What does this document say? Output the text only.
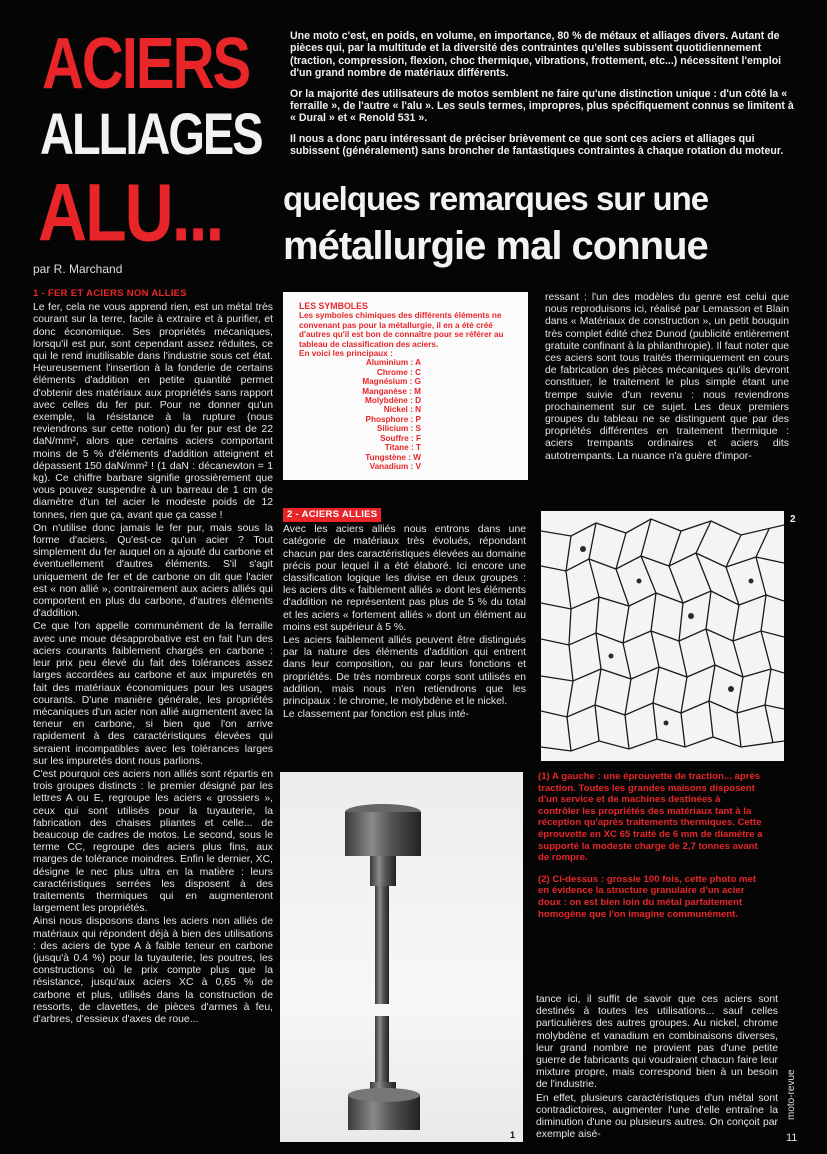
ACIERS
ALLIAGES
ALU...
par R. Marchand

Une moto c'est, en poids, en volume, en importance, 80 % de métaux et alliages divers. Autant de pièces qui, par la multitude et la diversité des contraintes qu'elles subissent quotidiennement (traction, compression, flexion, choc thermique, vibrations, frottement, etc...) nécessitent l'emploi d'un grand nombre de matériaux différents.

Or la majorité des utilisateurs de motos semblent ne faire qu'une distinction unique : d'un côté la « ferraille », de l'autre « l'alu ». Les seuls termes, impropres, plus spécifiquement connus se limitent à « Dural » et « Renold 531 ».

Il nous a donc paru intéressant de préciser brièvement ce que sont ces aciers et alliages qui subissent (généralement) sans broncher de fantastiques contraintes à chaque rotation du moteur.

quelques remarques sur une
métallurgie mal connue
1 - FER ET ACIERS NON ALLIES

Le fer, cela ne vous apprend rien, est un métal très courant sur la terre, facile à extraire et à purifier, et donc économique. Ses propriétés mécaniques, lorsqu'il est pur, sont cependant assez réduites, ce qui le rend inutilisable dans l'industrie sous cet état. Heureusement l'insertion à la fonderie de certains éléments d'addition en petite quantité permet d'obtenir des matériaux aux propriétés sans rapport avec celles du fer pur. Pour ne donner qu'un exemple, la résistance à la rupture (nous reviendrons sur cette notion) du fer pur est de 22 daN/mm², alors que certains aciers comportant moins de 5 % d'éléments d'addition atteignent et dépassent 150 daN/mm² ! (1 daN : décanewton = 1 kg). Ce chiffre barbare signifie grossièrement que vous pouvez suspendre à un barreau de 1 cm de diamètre d'un tel acier le modeste poids de 12 tonnes, rien que ça, avant que ça casse !

On n'utilise donc jamais le fer pur, mais sous la forme d'aciers. Qu'est-ce qu'un acier ? Tout simplement du fer auquel on a ajouté du carbone et éventuellement d'autres éléments. S'il s'agit uniquement de fer et de carbone on dit que l'acier est « non allié », contrairement aux aciers alliés qui comportent en plus du carbone, d'autres éléments d'addition.

Ce que l'on appelle communément de la ferraille avec une moue désapprobative est en fait l'un des aciers courants faiblement chargés en carbone : leur prix peu élevé du fait des tolérances assez larges accordées au carbone et aux impuretés en fait des matériaux économiques pour les usages courants. D'une manière générale, les propriétés mécaniques d'un acier non allié augmentent avec la teneur en carbone, si bien que l'on arrive rapidement à des caractéristiques élevées qui seraient incompatibles avec les tolérances larges sur les impuretés dont nous parlions.

C'est pourquoi ces aciers non alliés sont répartis en trois groupes distincts : le premier désigné par les lettres A ou E, regroupe les aciers « grossiers », ceux qui sont utilisés pour la tuyauterie, la fabrication des chaises pliantes et celle... de beaucoup de cadres de motos. Le second, sous le terme CC, regroupe des aciers plus fins, aux marges de tolérance moindres. Enfin le dernier, XC, désigne le nec plus ultra en la matière : leurs caractéristiques serrées les disposent à des traitements thermiques qui en augmenteront largement les propriétés.

Ainsi nous disposons dans les aciers non alliés de matériaux qui répondent déjà à bien des utilisations : des aciers de type A à faible teneur en carbone (jusqu'à 0.4 %) pour la tuyauterie, les poutres, les constructions où le prix compte plus que la résistance, jusqu'aux aciers XC à 0,65 % de carbone et plus, utilisés dans la construction de ressorts, de clavettes, de pièces d'armes à feu, d'arbres, d'essieux d'axes de roue...

LES SYMBOLES
Les symboles chimiques des différents éléments ne convenant pas pour la métallurgie, il en a été créé d'autres qu'il est bon de connaître pour se référer au tableau de classification des aciers.
En voici les principaux :
Aluminium : A
Chrome : C
Magnésium : G
Manganèse : M
Molybdène : D
Nickel : N
Phosphore : P
Silicium : S
Souffre : F
Titane : T
Tungstène : W
Vanadium : V
2 - ACIERS ALLIES

Avec les aciers alliés nous entrons dans une catégorie de matériaux très évolués, répondant chacun par des caractéristiques élevées au domaine précis pour lequel il a été élaboré. Ici encore une classification logique les divise en deux groupes : les aciers dits « faiblement alliés » dont les éléments d'addition ne représentent pas plus de 5 % du total et les aciers « fortement alliés » dont un élément au moins est supérieur à 5 %.

Les aciers faiblement alliés peuvent être distingués par la nature des éléments d'addition qui entrent dans leur composition, ou par leurs fonctions et propriétés. De très nombreux corps sont utilisés en addition, mais nous n'en retiendrons que les principaux : le chrome, le molybdène et le nickel.

Le classement par fonction est plus inté-

1
ressant : l'un des modèles du genre est celui que nous reproduisons ici, réalisé par Lemasson et Blain dans « Matériaux de construction », un petit bouquin très complet édité chez Dunod (publicité entièrement gratuite confinant à la philanthropie). Il faut noter que ces aciers sont tous traités thermiquement en cours de fabrication des pièces mécaniques qu'ils devront constituer, le traitement le plus simple étant une trempe suivie d'un revenu : nous reviendrons prochainement sur ce sujet. Les deux premiers groupes du tableau ne se distinguent que par des propriétés différentes en traitement thermique : aciers trempants ordinaires et aciers dits autotrempants. La nuance n'a guère d'impor-
2

(1) A gauche : une éprouvette de traction... après traction. Toutes les grandes maisons disposent d'un service et de machines destinées à contrôler les propriétés des matériaux tant à la réception qu'après traitements thermiques. Cette éprouvette en XC 65 traité de 6 mm de diamètre a supporté la modeste charge de 2,7 tonnes avant de rompre.

(2) Ci-dessus : grossie 100 fois, cette photo met en évidence la structure granulaire d'un acier doux : on est bien loin du métal parfaitement homogène que l'on imagine communément.

tance ici, il suffit de savoir que ces aciers sont destinés à toutes les utilisations... sauf celles particulières des autres groupes. Au nickel, chrome molybdène et vanadium en combinaisons diverses, leur grand nombre ne provient pas d'une petite guerre de fabricants qui voudraient chacun faire leur mixture propre, mais correspond bien à un besoin de l'industrie.

En effet, plusieurs caractéristiques d'un métal sont contradictoires, augmenter l'une d'elle entraîne la diminution d'une ou plusieurs autres. On conçoit par exemple aisé-

moto-revue
11
